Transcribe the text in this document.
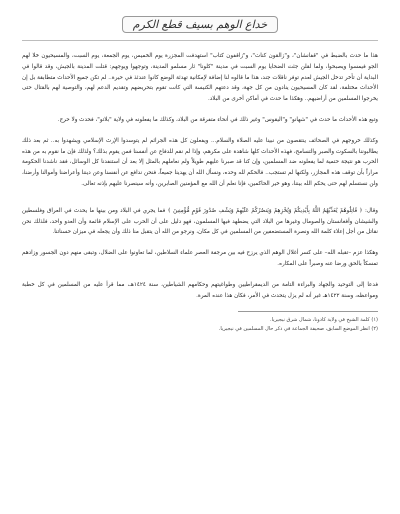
خداع الوهم بسيف قطع الكرم

هذا ما حدث بالضبط في "قفانشان"، و"زالقون كنات"، و"زاقفون كتاب" استهدفت المجزرة يوم الخميس، يوم الجمعة، يوم السبت، والمسيحيون خلا لهم الجو فيمسوا ويصبحوا، ولما لقلن جثث الضحايا يوم السبت في مدينة "كلونا" ثار مسلمو المدينة، وتوجهوا ويوجهم: قتلت المدينة بالجيش، وقد قالوا في البداية أن تأخر تدخل الجيش لعدم توفر ناقلات جند، هذا ما قالوه لنا إضافة لإمكانية تهدئة الوضع كانوا عندئذ في حيرة.. لم تكن جميع الأحداث متطابقة بل إن الأحداث مختلفة، لقد كان المسيحيون ينادون من كل جهة، وقد دعتهم الكنيسة التي كانت تقوم بتحريضهم وتقديم الدعم لهم، والتوصية لهم بالقتال حتى يخرجوا المسلمين من أراضيهم.. وهكذا ما حدث في أماكن أخرى من البلاد.

وتبع هذه الأحداث ما حدث في "شهانو" و"اليقوس" وغير ذلك في أنحاء متفرقة من البلاد، وكذلك ما يفعلونه في ولاية "بلاتو"، فحدث ولا حرج.

وكذلك خروجهم في الصحائف ينتقصون من نبينا عليه الصلاة والسلام... ويفعلون كل هذه الجرائم لم يتوسدوا الإرث الإسلامي ويشهدوا به.. ثم بعد ذلك يطالبوننا بالسكوت والصبر والتسامح، فهذه الأحداث كلها شاهدة على مكرهم، وإذا لم نقم للدفاع عن أنفسنا فمن يقوم بذلك؟ ولذلك فإن ما نقوم به من هذه الحرب هو نتيجة حتمية لما يفعلونه ضد المسلمين، وإن كنا قد صبرنا عليهم طويلاً ولم نعاملهم بالمثل إلا بعد أن استنفدنا كل الوسائل، فقد ناشدنا الحكومة مراراً بأن توقف هذه المجازر، ولكنها لم تستجب.. فالحكم لله وحده، ونسأل الله أن يهدينا جميعاً، فنحن ندافع عن أنفسنا وعن ديننا وأعراضنا وأموالنا وأرضنا، ولن نستسلم لهم حتى يحكم الله بيننا، وهو خير الحاكمين، فإنا نعلم أن الله مع المؤمنين الصابرين، وأنه سينصرنا عليهم بإذنه تعالى.

وقال: ﴿ قَاتِلُوهُمْ يُعَذِّبْهُمُ اللَّهُ بِأَيْدِيكُمْ وَيُخْزِهِمْ وَيَنصُرْكُمْ عَلَيْهِمْ وَيَشْفِ صُدُورَ قَوْمٍ مُّؤْمِنِينَ ﴾ فما يجري في البلاد ومن بينها ما يحدث في العراق وفلسطين والشيشان وأفغانستان والصومال وغيرها من البلاد التي يضطهد فيها المسلمون، فهو دليل على أن الحرب على الإسلام قائمة وأن العدو واحد، فلذلك نحن نقاتل من أجل إعلاء كلمة الله ونصرة المستضعفين من المسلمين في كل مكان، ونرجو من الله أن يتقبل منا ذلك وأن يجعله في ميزان حسناتنا.

وهكذا عزم –تقبله الله– على كسر أغلال الوهم الذي يرزح فيه بين مرجفة العصر علماء السلاطين، لما تعاونوا على الضلال، وتبقى منهم دون الجسور وزادهم تمسكاً بالحق ورضا عنه وصبراً على المكاره.

فدعا إلى التوحيد والجهاد والبراءة التامة من الديمقراطيين وطواغيتهم وحكامهم الشياطين، سنة ١٤٢٤هـ، مما قرأ عليه من المسلمين في كل خطبة ومواعظه، وسنة ١٤٢٢هـ غير أنه لم يزل يتحدث في الأمر، فكان هذا عنده المرة.

(١) كلمة الشيخ في ولاية كادونا، شمال شرق نيجيريا.

(٢) انظر الموضع السابق، صحيفة الجماعة في ذكر حال المسلمين في نيجيريا.
